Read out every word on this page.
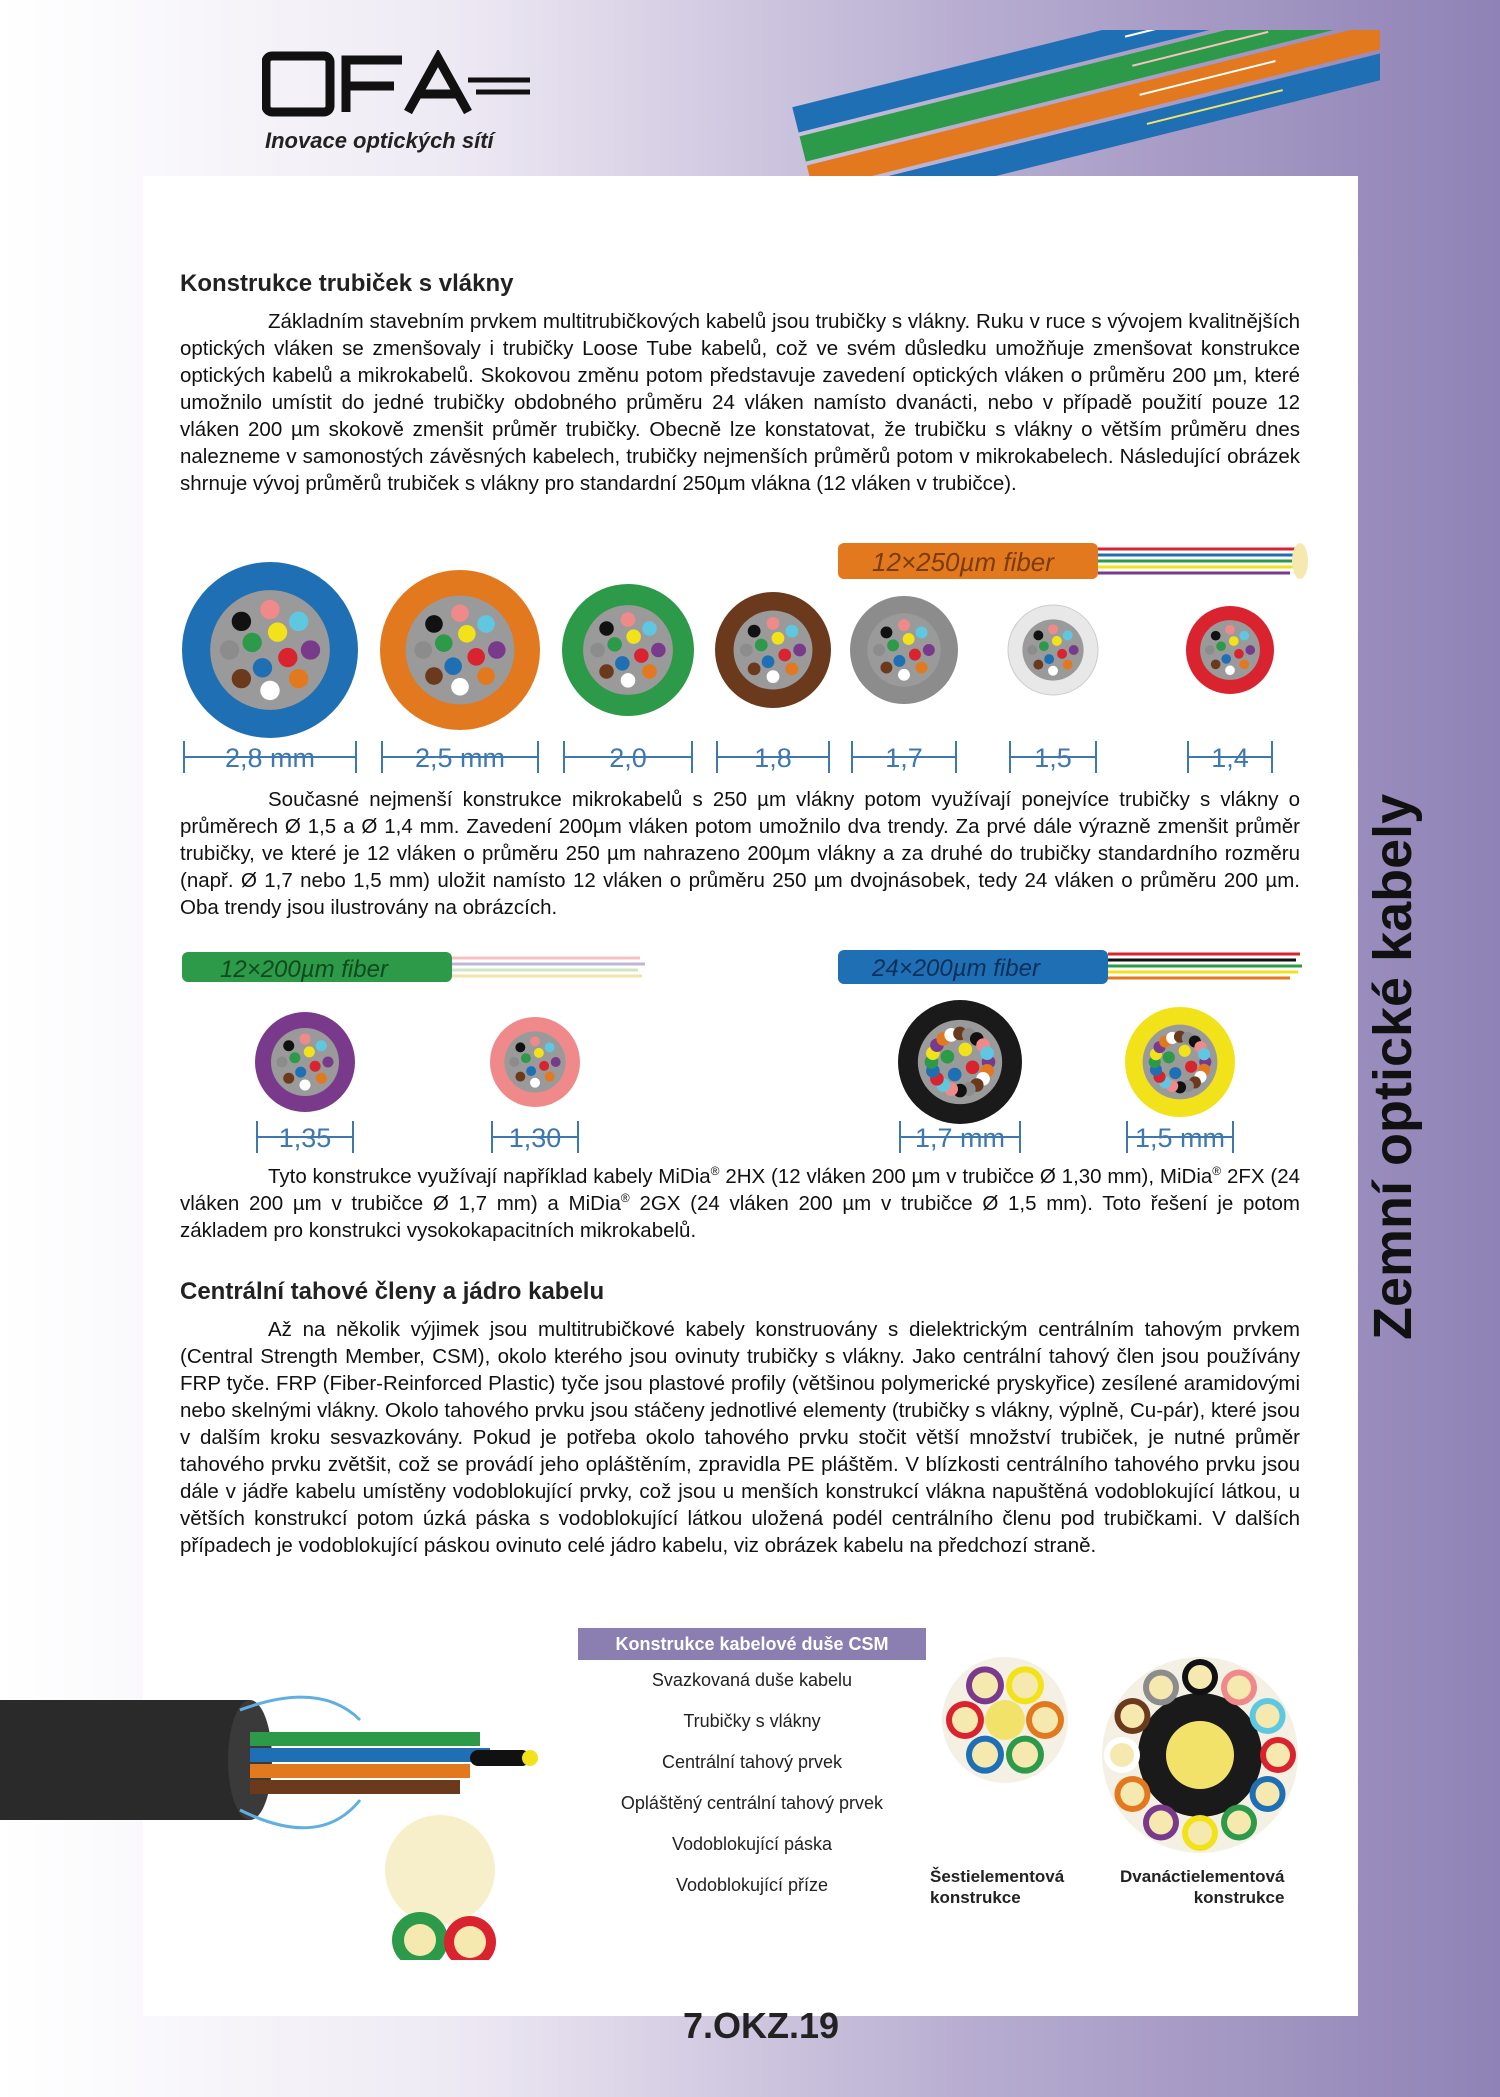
Inovace optických sítí
Konstrukce trubiček s vlákny

Základním stavebním prvkem multitrubičkových kabelů jsou trubičky s vlákny. Ruku v ruce s vývojem kvalitnějších optických vláken se zmenšovaly i trubičky Loose Tube kabelů, což ve svém důsledku umožňuje zmenšovat konstrukce optických kabelů a mikrokabelů. Skokovou změnu potom představuje zavedení optických vláken o průměru 200 µm, které umožnilo umístit do jedné trubičky obdobného průměru 24 vláken namísto dvanácti, nebo v případě použití pouze 12 vláken 200 µm skokově zmenšit průměr trubičky. Obecně lze konstatovat, že trubičku s vlákny o větším průměru dnes nalezneme v samonostých závěsných kabelech, trubičky nejmenších průměrů potom v mikrokabelech. Následující obrázek shrnuje vývoj průměrů trubiček s vlákny pro standardní 250µm vlákna (12 vláken v trubičce).

12×250µm fiber
2,8 mm	2,5 mm	2,0	1,8	1,7	1,5	1,4

Současné nejmenší konstrukce mikrokabelů s 250 µm vlákny potom využívají ponejvíce trubičky s vlákny o průměrech Ø 1,5 a Ø 1,4 mm. Zavedení 200µm vláken potom umožnilo dva trendy. Za prvé dále výrazně zmenšit průměr trubičky, ve které je 12 vláken o průměru 250 µm nahrazeno 200µm vlákny a za druhé do trubičky standardního rozměru (např. Ø 1,7 nebo 1,5 mm) uložit namísto 12 vláken o průměru 250 µm dvojnásobek, tedy 24 vláken o průměru 200 µm. Oba trendy jsou ilustrovány na obrázcích.

12×200µm fiber	24×200µm fiber
1,35	1,30	1,7 mm	1,5 mm

Tyto konstrukce využívají například kabely MiDia® 2HX (12 vláken 200 µm v trubičce Ø 1,30 mm), MiDia® 2FX (24 vláken 200 µm v trubičce Ø 1,7 mm) a MiDia® 2GX (24 vláken 200 µm v trubičce Ø 1,5 mm). Toto řešení je potom základem pro konstrukci vysokokapacitních mikrokabelů.

Centrální tahové členy a jádro kabelu

Až na několik výjimek jsou multitrubičkové kabely konstruovány s dielektrickým centrálním tahovým prvkem (Central Strength Member, CSM), okolo kterého jsou ovinuty trubičky s vlákny. Jako centrální tahový člen jsou používány FRP tyče. FRP (Fiber-Reinforced Plastic) tyče jsou plastové profily (většinou polymerické pryskyřice) zesílené aramidovými nebo skelnými vlákny. Okolo tahového prvku jsou stáčeny jednotlivé elementy (trubičky s vlákny, výplně, Cu-pár), které jsou v dalším kroku sesvazkovány. Pokud je potřeba okolo tahového prvku stočit větší množství trubiček, je nutné průměr tahového prvku zvětšit, což se provádí jeho opláštěním, zpravidla PE pláštěm. V blízkosti centrálního tahového prvku jsou dále v jádře kabelu umístěny vodoblokující prvky, což jsou u menších konstrukcí vlákna napuštěná vodoblokující látkou, u větších konstrukcí potom úzká páska s vodoblokující látkou uložená podél centrálního členu pod trubičkami. V dalších případech je vodoblokující páskou ovinuto celé jádro kabelu, viz obrázek kabelu na předchozí straně.

Konstrukce kabelové duše CSM
Svazkovaná duše kabelu
Trubičky s vlákny
Centrální tahový prvek
Opláštěný centrální tahový prvek
Vodoblokující páska
Vodoblokující příze	Šestielementová
konstrukce
Dvanáctielementová
konstrukce
Zemní optické kabely
7.OKZ.19
